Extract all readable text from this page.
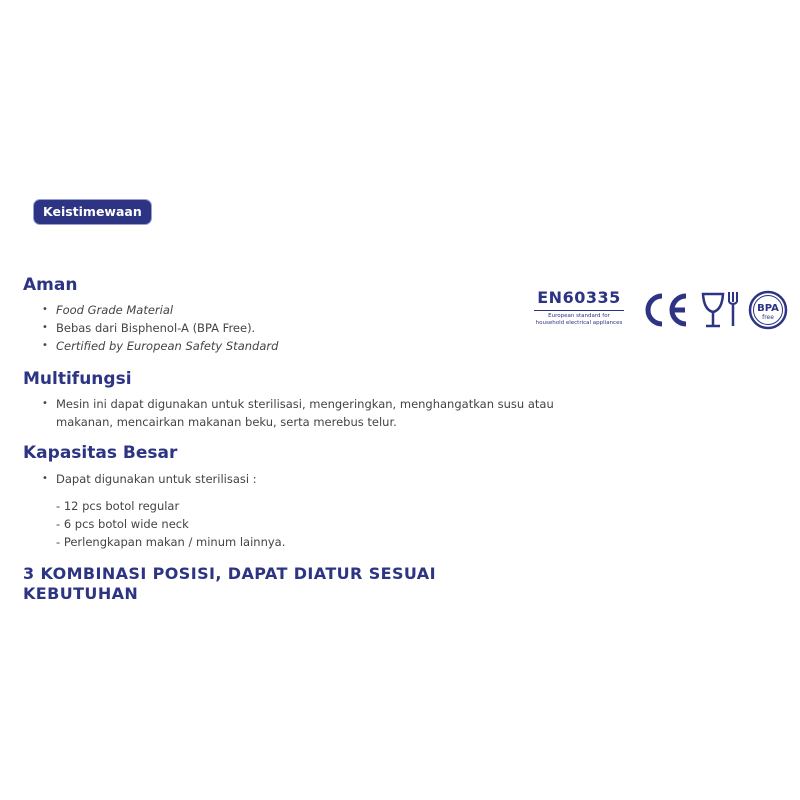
Keistimewaan
Aman
• Food Grade Material
• Bebas dari Bisphenol-A (BPA Free).
• Certified by European Safety Standard
Multifungsi
• Mesin ini dapat digunakan untuk sterilisasi, mengeringkan, menghangatkan susu atau
makanan, mencairkan makanan beku, serta merebus telur.
Kapasitas Besar
• Dapat digunakan untuk sterilisasi :
- 12 pcs botol regular
- 6 pcs botol wide neck
- Perlengkapan makan / minum lainnya.
3 KOMBINASI POSISI, DAPAT DIATUR SESUAI
KEBUTUHAN
EN60335
European standard for
household electrical appliances
BPA
free
